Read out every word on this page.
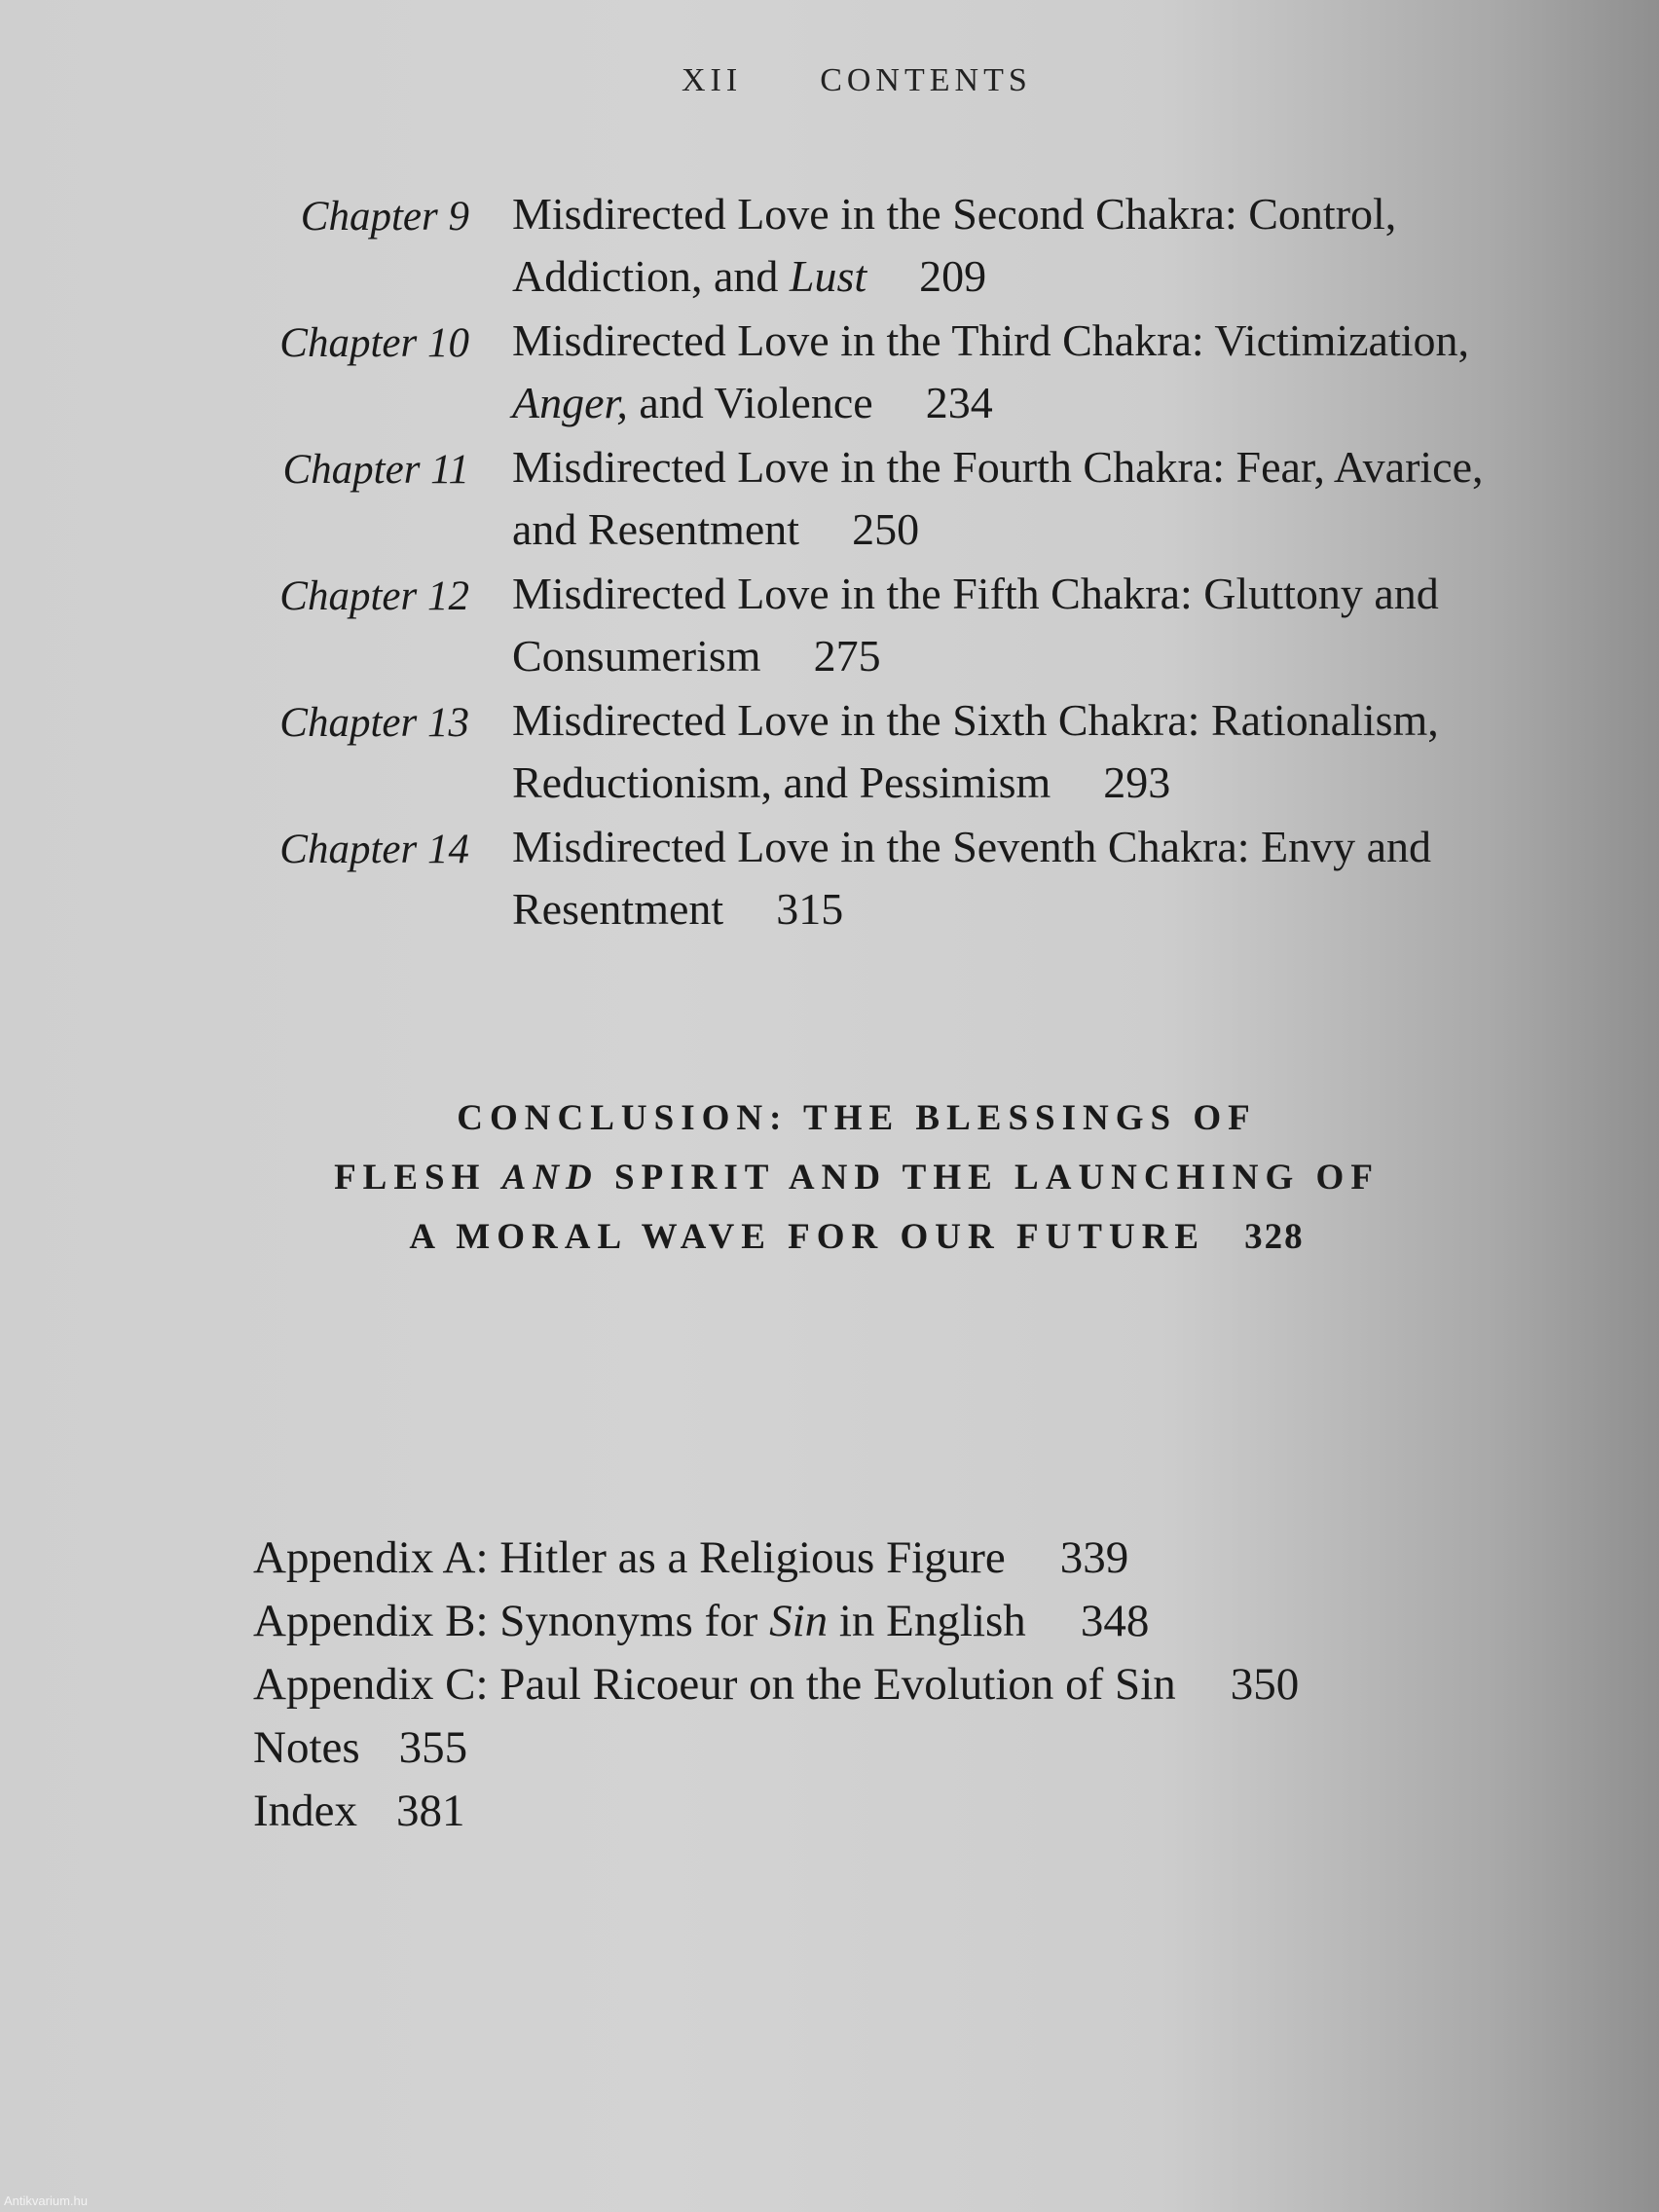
XII CONTENTS
Chapter 9 Misdirected Love in the Second Chakra: Control, Addiction, and Lust 209
Chapter 10 Misdirected Love in the Third Chakra: Victimization, Anger, and Violence 234
Chapter 11 Misdirected Love in the Fourth Chakra: Fear, Avarice, and Resentment 250
Chapter 12 Misdirected Love in the Fifth Chakra: Gluttony and Consumerism 275
Chapter 13 Misdirected Love in the Sixth Chakra: Rationalism, Reductionism, and Pessimism 293
Chapter 14 Misdirected Love in the Seventh Chakra: Envy and Resentment 315
CONCLUSION: THE BLESSINGS OF
FLESH AND SPIRIT AND THE LAUNCHING OF
A MORAL WAVE FOR OUR FUTURE 328
Appendix A: Hitler as a Religious Figure 339
Appendix B: Synonyms for Sin in English 348
Appendix C: Paul Ricoeur on the Evolution of Sin 350
Notes 355
Index 381
Antikvarium.hu
